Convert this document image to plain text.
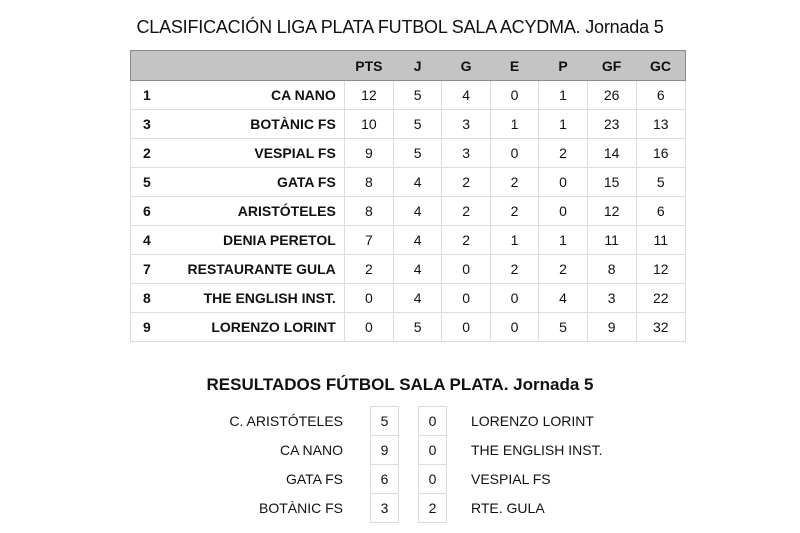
CLASIFICACIÓN LIGA PLATA FUTBOL SALA ACYDMA. Jornada 5
		PTS	J	G	E	P	GF	GC
1	CA NANO	12	5	4	0	1	26	6
3	BOTÀNIC FS	10	5	3	1	1	23	13
2	VESPIAL FS	9	5	3	0	2	14	16
5	GATA FS	8	4	2	2	0	15	5
6	ARISTÓTELES	8	4	2	2	0	12	6
4	DENIA PERETOL	7	4	2	1	1	11	11
7	RESTAURANTE GULA	2	4	0	2	2	8	12
8	THE ENGLISH INST.	0	4	0	0	4	3	22
9	LORENZO LORINT	0	5	0	0	5	9	32
RESULTADOS FÚTBOL SALA PLATA. Jornada 5
C. ARISTÓTELES	5	0	LORENZO LORINT
CA NANO	9	0	THE ENGLISH INST.
GATA FS	6	0	VESPIAL FS
BOTÀNIC FS	3	2	RTE. GULA
